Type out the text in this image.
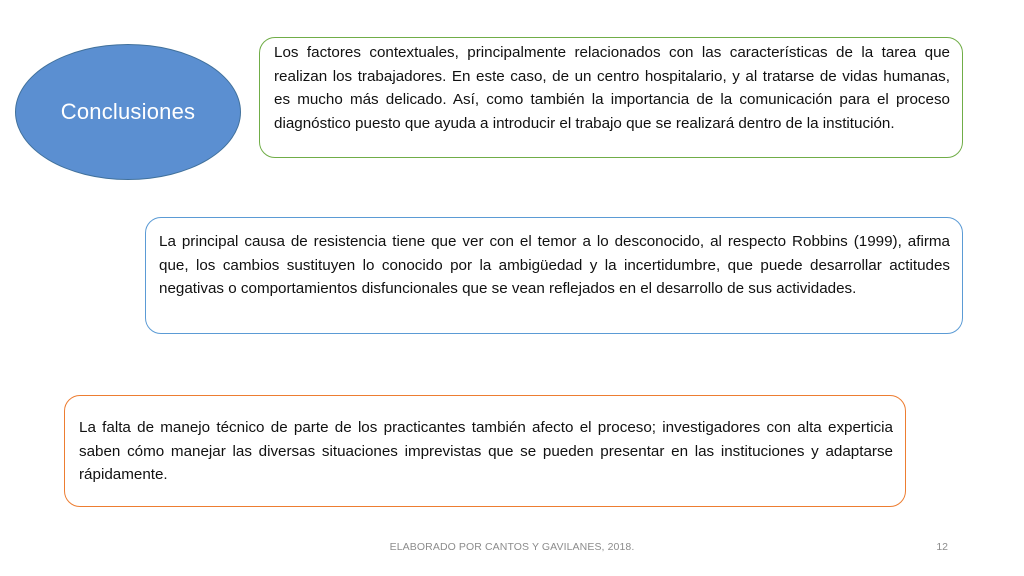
Conclusiones
Los factores contextuales, principalmente relacionados con las características de la tarea que realizan los trabajadores. En este caso, de un centro hospitalario, y al tratarse de vidas humanas, es mucho más delicado. Así, como también la importancia de la comunicación para el proceso diagnóstico puesto que ayuda a introducir el trabajo que se realizará dentro de la institución.
La principal causa de resistencia tiene que ver con el temor a lo desconocido, al respecto Robbins (1999), afirma que, los cambios sustituyen lo conocido por la ambigüedad y la incertidumbre, que puede desarrollar actitudes negativas o comportamientos disfuncionales que se vean reflejados en el desarrollo de sus actividades.
La falta de manejo técnico de parte de los practicantes también afecto el proceso; investigadores con alta experticia saben cómo manejar las diversas situaciones imprevistas que se pueden presentar en las instituciones y adaptarse rápidamente.
ELABORADO POR CANTOS Y GAVILANES, 2018.	12
